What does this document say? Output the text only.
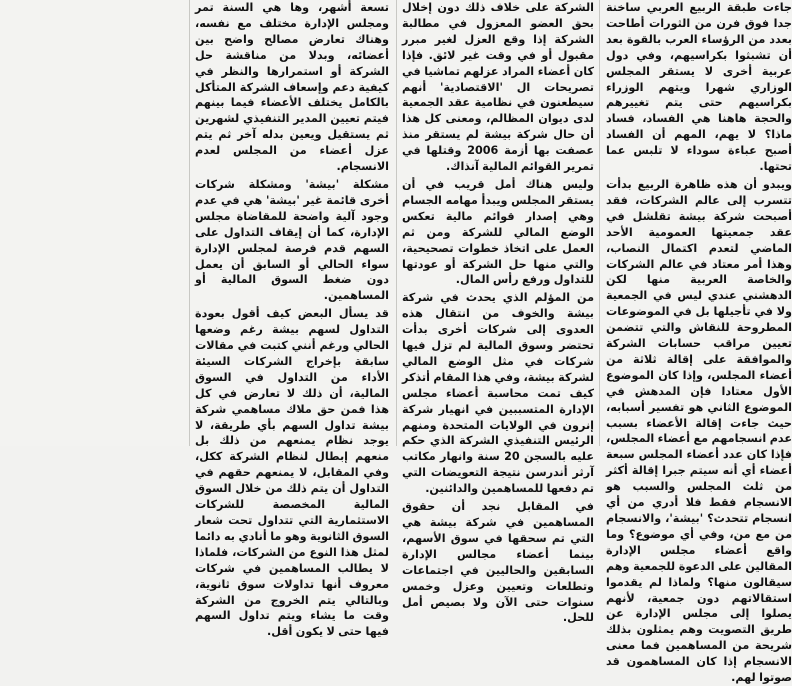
جاءت طبقة الربيع العربي ساخنة جدا فوق فرن من الثورات أطاحت بعدد من الرؤساء العرب بالقوة بعد أن تشبثوا بكراسيهم، وفي دول عربية أخرى لا يستقر المجلس الوزاري شهرا ويتهم الوزراء بكراسيهم حتى يتم تغييرهم والحجة هاهنا هي الفساد، فساد ماذا؟ لا يهم، المهم أن الفساد أصبح عباءة سوداء لا تلبس عما تحتها.

ويبدو أن هذه ظاهرة الربيع بدأت تتسرب إلى عالم الشركات، فقد أصبحت شركة بيشة تقلشل في عقد جمعيتها العمومية الأحد الماضي لتعدم اكتمال النصاب، وهذا أمر معتاد في عالم الشركات والخاصة العربية منها لكن الدهشني عندي ليس في الجمعية ولا في تأجيلها بل في الموضوعات المطروحة للنقاش والتي تتضمن تعيين مراقب حسابات الشركة والموافقة على إقالة ثلاثة من أعضاء المجلس، وإذا كان الموضوع الأول معتادا فإن المدهش في الموضوع الثاني هو تفسير أسبابه، حيث جاءت إقالة الأعضاء بسبب عدم انسجامهم مع أعضاء المجلس، فإذا كان عدد أعضاء المجلس سبعة أعضاء أي أنه سيتم جبرا إقالة أكثر من ثلث المجلس والسبب هو الانسجام فقط فلا أدري من أي انسجام تتحدث؟ 'بيشة'، والانسجام من مع من، وفي أي موضوع؟ وما واقع أعضاء مجلس الإدارة المقالين على الدعوة للجمعية وهم سيقالون منها؟ ولماذا لم يقدموا استقالاتهم دون جمعية، لأنهم يصلوا إلى مجلس الإدارة عن طريق التصويت وهم يمثلون بذلك شريحة من المساهمين فما معنى الانسجام إذا كان المساهمون قد صوتوا لهم.

الشركة على خلاف ذلك دون إخلال بحق العضو المعزول في مطالبة الشركة إذا وقع العزل لغير مبرر مقبول أو في وقت غير لائق. فإذا كان أعضاء المراد عزلهم تماشيا في تصريحات ال 'الاقتصادية' أنهم سيطعنون في نظامية عقد الجمعية لدى ديوان المظالم، ومعنى كل هذا أن حال شركة بيشة لم يستقر منذ عصفت بها أزمة 2006 وقتلها في تمرير القوائم المالية آنذاك.

وليس هناك أمل قريب في أن يستقر المجلس ويبدأ مهامه الجسام وهي إصدار قوائم مالية تعكس الوضع المالي للشركة ومن ثم العمل على اتخاذ خطوات تصحيحية، والتي منها حل الشركة أو عودتها للتداول ورفع رأس المال.

من المؤلم الذي يحدث في شركة بيشة والخوف من انتقال هذه العدوى إلى شركات أخرى بدأت تحتضر وسوق المالية لم تزل فيها شركات في مثل الوضع المالي لشركة بيشة، وفي هذا المقام أتذكر كيف تمت محاسبة أعضاء مجلس الإدارة المتسببين في انهيار شركة إنرون في الولايات المتحدة ومنهم الرئيس التنفيذي الشركة الذي حكم عليه بالسجن 20 سنة وانهار مكاتب آرثر أندرسن نتيجة التعويضات التي تم دفعها للمساهمين والدائنين.

في المقابل نجد أن حقوق المساهمين في شركة بيشة هي التي تم سحقها في سوق الأسهم، بينما أعضاء مجالس الإدارة السابقين والحاليين في اجتماعات وتطلعات وتعيين وعزل وخمس سنوات حتى الآن ولا بصيص أمل للحل.

تسعة أشهر، وها هي السنة تمر ومجلس الإدارة مختلف مع نفسه، وهناك تعارض مصالح واضح بين أعضائه، وبدلا من مناقشة حل الشركة أو استمرارها والنظر في كيفية دعم وإسعاف الشركة المتأكل بالكامل يختلف الأعضاء فيما بينهم فيتم تعيين المدير التنفيذي لشهرين ثم يستقيل ويعين بدله آخر ثم يتم عزل أعضاء من المجلس لعدم الانسجام.

مشكلة 'بيشة' ومشكلة شركات أخرى قائمة غير 'بيشة' هي في عدم وجود آلية واضحة للمقاضاة مجلس الإدارة، كما أن إيقاف التداول على السهم قدم فرصة لمجلس الإدارة سواء الحالي أو السابق أن يعمل دون ضغط السوق المالية أو المساهمين.

قد يسأل البعض كيف أقول بعودة التداول لسهم بيشة رغم وضعها الحالي ورغم أنني كتبت في مقالات سابقة بإخراج الشركات السيئة الأداء من التداول في السوق المالية، أن ذلك لا تعارض في كل هذا فمن حق ملاك مساهمي شركة بيشة تداول السهم بأي طريقة، لا يوجد نظام يمنعهم من ذلك بل منعهم إبطال لنظام الشركة ككل، وفي المقابل، لا يمنعهم حقهم في التداول أن يتم ذلك من خلال السوق المالية المخصصة للشركات الاستثمارية التي تتداول تحت شعار السوق الثانوية وهو ما أنادي به دائما لمثل هذا النوع من الشركات، فلماذا لا يطالب المساهمين في شركات معروف أنها تداولات سوق ثانوية، وبالتالي يتم الخروج من الشركة وقت ما يشاء ويتم تداول السهم فيها حتى لا يكون أقل.
